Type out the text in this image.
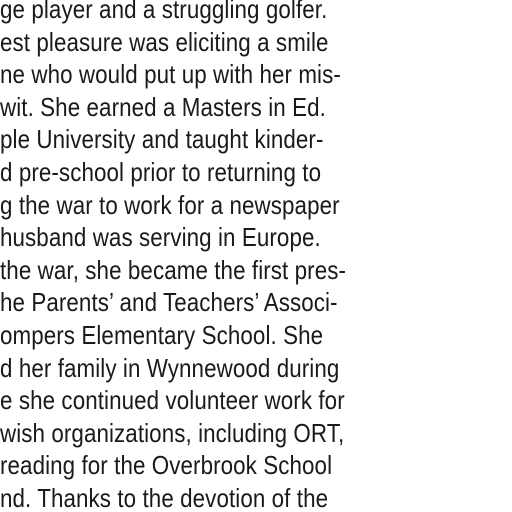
ge player and a struggling golfer.
est pleasure was eliciting a smile
ne who would put up with her mis-
wit. She earned a Masters in Ed.
ple University and taught kinder-
d pre-school prior to returning to
g the war to work for a newspaper
husband was serving in Europe.
the war, she became the first pres-
he Parents’ and Teachers’ Associ-
ompers Elementary School. She
d her family in Wynnewood during
e she continued volunteer work for
wish organizations, including ORT,
reading for the Overbrook School
nd. Thanks to the devotion of the
